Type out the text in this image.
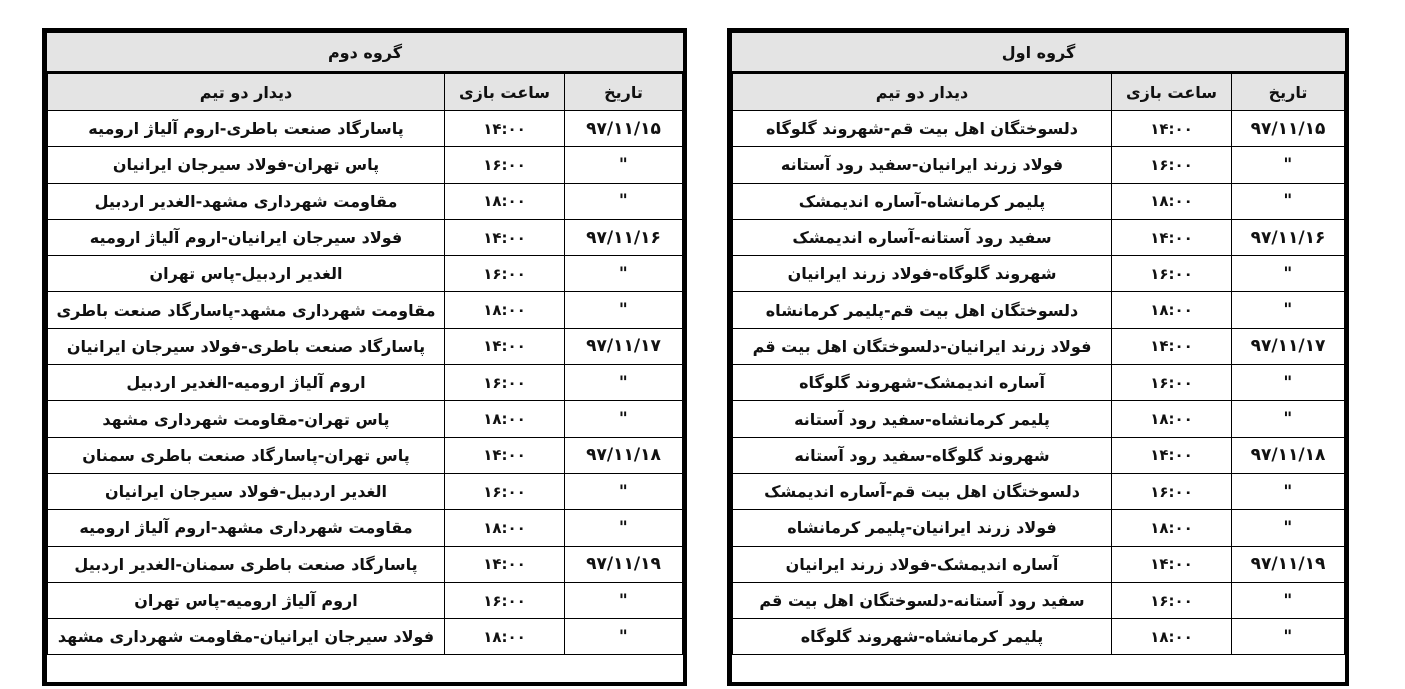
گروه اول
تاریخ	ساعت بازی	دیدار دو تیم
۹۷/۱۱/۱۵	۱۴:۰۰	دلسوختگان اهل بیت قم-شهروند گلوگاه
"	۱۶:۰۰	فولاد زرند ایرانیان-سفید رود آستانه
"	۱۸:۰۰	پلیمر کرمانشاه-آساره اندیمشک
۹۷/۱۱/۱۶	۱۴:۰۰	سفید رود آستانه-آساره اندیمشک
"	۱۶:۰۰	شهروند گلوگاه-فولاد زرند ایرانیان
"	۱۸:۰۰	دلسوختگان اهل بیت قم-پلیمر کرمانشاه
۹۷/۱۱/۱۷	۱۴:۰۰	فولاد زرند ایرانیان-دلسوختگان اهل بیت قم
"	۱۶:۰۰	آساره اندیمشک-شهروند گلوگاه
"	۱۸:۰۰	پلیمر کرمانشاه-سفید رود آستانه
۹۷/۱۱/۱۸	۱۴:۰۰	شهروند گلوگاه-سفید رود آستانه
"	۱۶:۰۰	دلسوختگان اهل بیت قم-آساره اندیمشک
"	۱۸:۰۰	فولاد زرند ایرانیان-پلیمر کرمانشاه
۹۷/۱۱/۱۹	۱۴:۰۰	آساره اندیمشک-فولاد زرند ایرانیان
"	۱۶:۰۰	سفید رود آستانه-دلسوختگان اهل بیت قم
"	۱۸:۰۰	پلیمر کرمانشاه-شهروند گلوگاه
گروه دوم
تاریخ	ساعت بازی	دیدار دو تیم
۹۷/۱۱/۱۵	۱۴:۰۰	پاسارگاد صنعت باطری-اروم آلیاژ ارومیه
"	۱۶:۰۰	پاس تهران-فولاد سیرجان ایرانیان
"	۱۸:۰۰	مقاومت شهرداری مشهد-الغدیر اردبیل
۹۷/۱۱/۱۶	۱۴:۰۰	فولاد سیرجان ایرانیان-اروم آلیاژ ارومیه
"	۱۶:۰۰	الغدیر اردبیل-پاس تهران
"	۱۸:۰۰	مقاومت شهرداری مشهد-پاسارگاد صنعت باطری
۹۷/۱۱/۱۷	۱۴:۰۰	پاسارگاد صنعت باطری-فولاد سیرجان ایرانیان
"	۱۶:۰۰	اروم آلیاژ ارومیه-الغدیر اردبیل
"	۱۸:۰۰	پاس تهران-مقاومت شهرداری مشهد
۹۷/۱۱/۱۸	۱۴:۰۰	پاس تهران-پاسارگاد صنعت باطری سمنان
"	۱۶:۰۰	الغدیر اردبیل-فولاد سیرجان ایرانیان
"	۱۸:۰۰	مقاومت شهرداری مشهد-اروم آلیاژ ارومیه
۹۷/۱۱/۱۹	۱۴:۰۰	پاسارگاد صنعت باطری سمنان-الغدیر اردبیل
"	۱۶:۰۰	اروم آلیاژ ارومیه-پاس تهران
"	۱۸:۰۰	فولاد سیرجان ایرانیان-مقاومت شهرداری مشهد
